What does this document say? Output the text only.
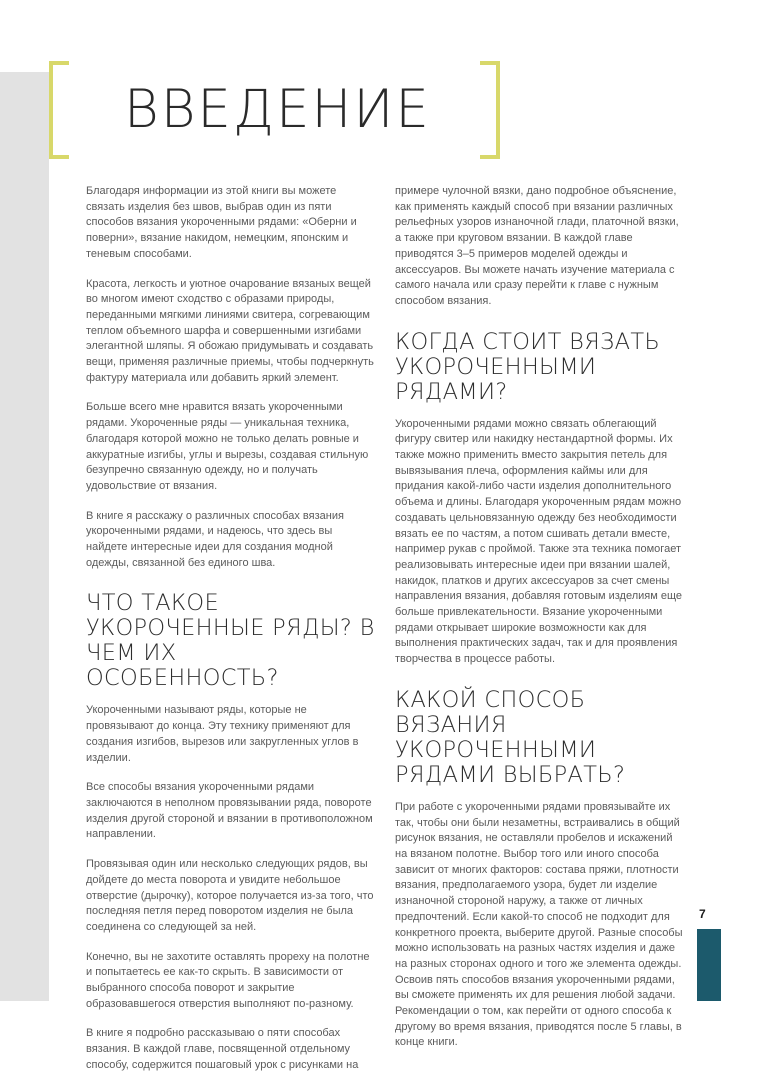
ВВЕДЕНИЕ

Благодаря информации из этой книги вы можете связать изделия без швов, выбрав один из пяти способов вязания укороченными рядами: «Оберни и поверни», вязание накидом, немецким, японским и теневым способами.

Красота, легкость и уютное очарование вязаных вещей во многом имеют сходство с образами природы, переданными мягкими линиями свитера, согревающим теплом объемного шарфа и совершенными изгибами элегантной шляпы. Я обожаю придумывать и создавать вещи, применяя различные приемы, чтобы подчеркнуть фактуру материала или добавить яркий элемент.

Больше всего мне нравится вязать укороченными рядами. Укороченные ряды — уникальная техника, благодаря которой можно не только делать ровные и аккуратные изгибы, углы и вырезы, создавая стильную безупречно связанную одежду, но и получать удовольствие от вязания.

В книге я расскажу о различных способах вязания укороченными рядами, и надеюсь, что здесь вы найдете интересные идеи для создания модной одежды, связанной без единого шва.

ЧТО ТАКОЕ УКОРОЧЕННЫЕ РЯДЫ? В ЧЕМ ИХ ОСОБЕННОСТЬ?

Укороченными называют ряды, которые не провязывают до конца. Эту технику применяют для создания изгибов, вырезов или закругленных углов в изделии.

Все способы вязания укороченными рядами заключаются в неполном провязывании ряда, повороте изделия другой стороной и вязании в противоположном направлении.

Провязывая один или несколько следующих рядов, вы дойдете до места поворота и увидите небольшое отверстие (дырочку), которое получается из-за того, что последняя петля перед поворотом изделия не была соединена со следующей за ней.

Конечно, вы не захотите оставлять прореху на полотне и попытаетесь ее как-то скрыть. В зависимости от выбранного способа поворот и закрытие образовавшегося отверстия выполняют по-разному.

В книге я подробно рассказываю о пяти способах вязания. В каждой главе, посвященной отдельному способу, содержится пошаговый урок с рисунками на

примере чулочной вязки, дано подробное объяснение, как применять каждый способ при вязании различных рельефных узоров изнаночной глади, платочной вязки, а также при круговом вязании. В каждой главе приводятся 3–5 примеров моделей одежды и аксессуаров. Вы можете начать изучение материала с самого начала или сразу перейти к главе с нужным способом вязания.

КОГДА СТОИТ ВЯЗАТЬ УКОРОЧЕННЫМИ РЯДАМИ?

Укороченными рядами можно связать облегающий фигуру свитер или накидку нестандартной формы. Их также можно применить вместо закрытия петель для вывязывания плеча, оформления каймы или для придания какой-либо части изделия дополнительного объема и длины. Благодаря укороченным рядам можно создавать цельновязанную одежду без необходимости вязать ее по частям, а потом сшивать детали вместе, например рукав с проймой. Также эта техника помогает реализовывать интересные идеи при вязании шалей, накидок, платков и других аксессуаров за счет смены направления вязания, добавляя готовым изделиям еще больше привлекательности. Вязание укороченными рядами открывает широкие возможности как для выполнения практических задач, так и для проявления творчества в процессе работы.

КАКОЙ СПОСОБ ВЯЗАНИЯ УКОРОЧЕННЫМИ РЯДАМИ ВЫБРАТЬ?

При работе с укороченными рядами провязывайте их так, чтобы они были незаметны, встраивались в общий рисунок вязания, не оставляли пробелов и искажений на вязаном полотне. Выбор того или иного способа зависит от многих факторов: состава пряжи, плотности вязания, предполагаемого узора, будет ли изделие изнаночной стороной наружу, а также от личных предпочтений. Если какой-то способ не подходит для конкретного проекта, выберите другой. Разные способы можно использовать на разных частях изделия и даже на разных сторонах одного и того же элемента одежды. Освоив пять способов вязания укороченными рядами, вы сможете применять их для решения любой задачи. Рекомендации о том, как перейти от одного способа к другому во время вязания, приводятся после 5 главы, в конце книги.

7
